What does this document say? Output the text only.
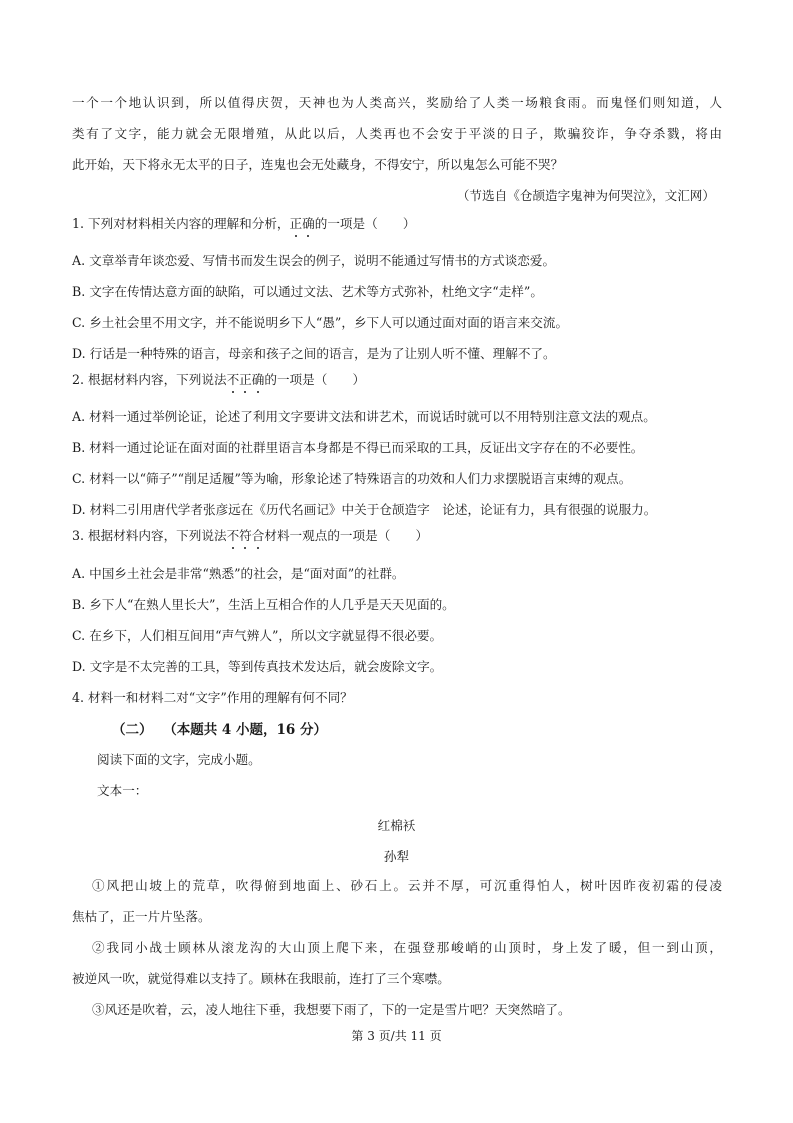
一个一个地认识到，所以值得庆贺，天神也为人类高兴，奖励给了人类一场粮食雨。而鬼怪们则知道，人
类有了文字，能力就会无限增殖，从此以后，人类再也不会安于平淡的日子，欺骗狡诈，争夺杀戮，将由
此开始，天下将永无太平的日子，连鬼也会无处藏身，不得安宁，所以鬼怎么可能不哭？
（节选自《仓颉造字鬼神为何哭泣》，文汇网）
1. 下列对材料相关内容的理解和分析，正确的一项是（　　）
A. 文章举青年谈恋爱、写情书而发生误会的例子，说明不能通过写情书的方式谈恋爱。
B. 文字在传情达意方面的缺陷，可以通过文法、艺术等方式弥补，杜绝文字“走样”。
C. 乡土社会里不用文字，并不能说明乡下人“愚”，乡下人可以通过面对面的语言来交流。
D. 行话是一种特殊的语言，母亲和孩子之间的语言，是为了让别人听不懂、理解不了。
2. 根据材料内容，下列说法不正确的一项是（　　）
A. 材料一通过举例论证，论述了利用文字要讲文法和讲艺术，而说话时就可以不用特别注意文法的观点。
B. 材料一通过论证在面对面的社群里语言本身都是不得已而采取的工具，反证出文字存在的不必要性。
C. 材料一以“筛子”“削足适履”等为喻，形象论述了特殊语言的功效和人们力求摆脱语言束缚的观点。
D. 材料二引用唐代学者张彦远在《历代名画记》中关于仓颉造字　论述，论证有力，具有很强的说服力。
3. 根据材料内容，下列说法不符合材料一观点的一项是（　　）
A. 中国乡土社会是非常“熟悉”的社会，是“面对面”的社群。
B. 乡下人“在熟人里长大”，生活上互相合作的人几乎是天天见面的。
C. 在乡下，人们相互间用“声气辨人”，所以文字就显得不很必要。
D. 文字是不太完善的工具，等到传真技术发达后，就会废除文字。
4. 材料一和材料二对“文字”作用的理解有何不同？
（二） （本题共 4 小题，16 分）
阅读下面的文字，完成小题。
文本一：
红棉袄
孙犁
①风把山坡上的荒草，吹得俯到地面上、砂石上。云并不厚，可沉重得怕人，树叶因昨夜初霜的侵凌
焦枯了，正一片片坠落。
②我同小战士顾林从滚龙沟的大山顶上爬下来，在强登那峻峭的山顶时，身上发了暖，但一到山顶，
被逆风一吹，就觉得难以支持了。顾林在我眼前，连打了三个寒噤。
③风还是吹着，云，凌人地往下垂，我想要下雨了，下的一定是雪片吧？天突然暗了。
第 3 页/共 11 页
